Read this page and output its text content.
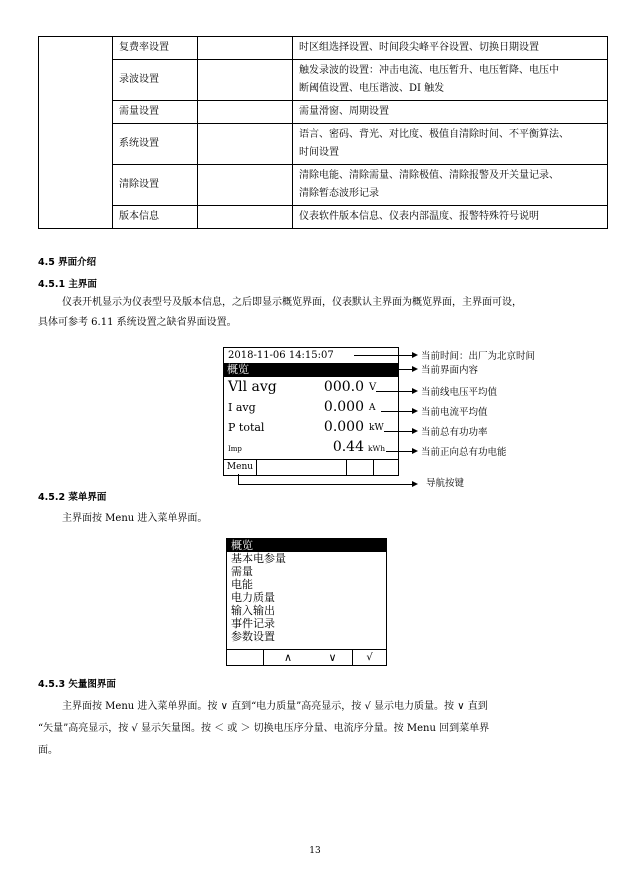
	复费率设置		时区组选择设置、时间段尖峰平谷设置、切换日期设置
	录波设置		触发录波的设置：冲击电流、电压暂升、电压暂降、电压中
断阈值设置、电压谐波、DI 触发

	需量设置		需量滑窗、周期设置
	系统设置		语言、密码、背光、对比度、极值自清除时间、不平衡算法、
时间设置

	清除设置		清除电能、清除需量、清除极值、清除报警及开关量记录、
清除暂态波形记录

	版本信息		仪表软件版本信息、仪表内部温度、报警特殊符号说明
4.5 界面介绍
4.5.1 主界面
仪表开机显示为仪表型号及版本信息，之后即显示概览界面，仪表默认主界面为概览界面，主界面可设，
具体可参考 6.11 系统设置之缺省界面设置。
2018-11-06 14:15:07
概览
Vll avg	000.0 V
I avg	0.000 A
P total	0.000 kW
Imp	0.44 kWh
Menu
当前时间：出厂为北京时间
当前界面内容
当前线电压平均值
当前电流平均值
当前总有功功率
当前正向总有功电能
导航按键
4.5.2 菜单界面
主界面按 Menu 进入菜单界面。
概览
基本电参量
需量
电能
电力质量
输入输出
事件记录
参数设置
∧	∨	√
4.5.3 矢量图界面
主界面按 Menu 进入菜单界面。按 ∨ 直到“电力质量”高亮显示，按 √ 显示电力质量。按 ∨ 直到
“矢量”高亮显示，按 √ 显示矢量图。按 ＜ 或 ＞ 切换电压序分量、电流序分量。按 Menu 回到菜单界
面。
13
